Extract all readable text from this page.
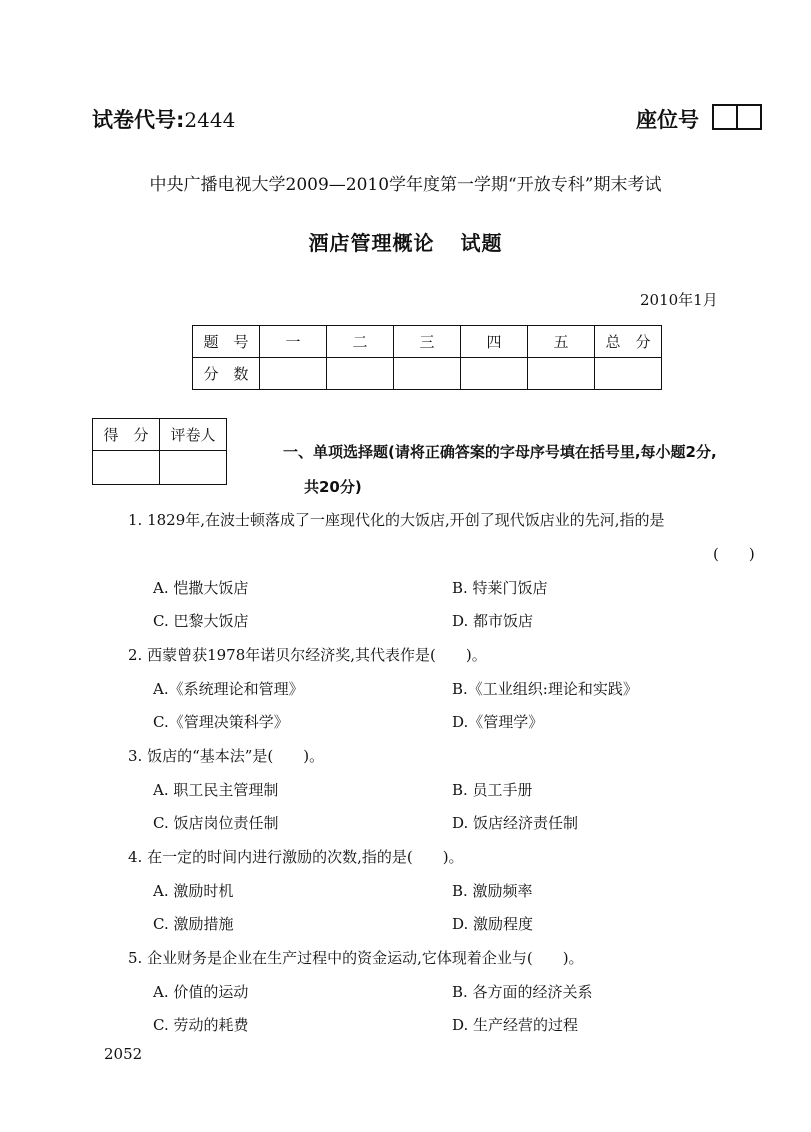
试卷代号:2444	座位号
中央广播电视大学2009—2010学年度第一学期“开放专科”期末考试
酒店管理概论 试题
2010年1月
题　号	一	二	三	四	五	总　分
分　数						
得　分	评卷人

一、单项选择题(请将正确答案的字母序号填在括号里,每小题2分,
共20分)
1. 1829年,在波士顿落成了一座现代化的大饭店,开创了现代饭店业的先河,指的是
(　　)
A. 恺撒大饭店	B. 特莱门饭店
C. 巴黎大饭店	D. 都市饭店
2. 西蒙曾获1978年诺贝尔经济奖,其代表作是(　　)。
A.《系统理论和管理》	B.《工业组织:理论和实践》
C.《管理决策科学》	D.《管理学》
3. 饭店的“基本法”是(　　)。
A. 职工民主管理制	B. 员工手册
C. 饭店岗位责任制	D. 饭店经济责任制
4. 在一定的时间内进行激励的次数,指的是(　　)。
A. 激励时机	B. 激励频率
C. 激励措施	D. 激励程度
5. 企业财务是企业在生产过程中的资金运动,它体现着企业与(　　)。
A. 价值的运动	B. 各方面的经济关系
C. 劳动的耗费	D. 生产经营的过程
2052
